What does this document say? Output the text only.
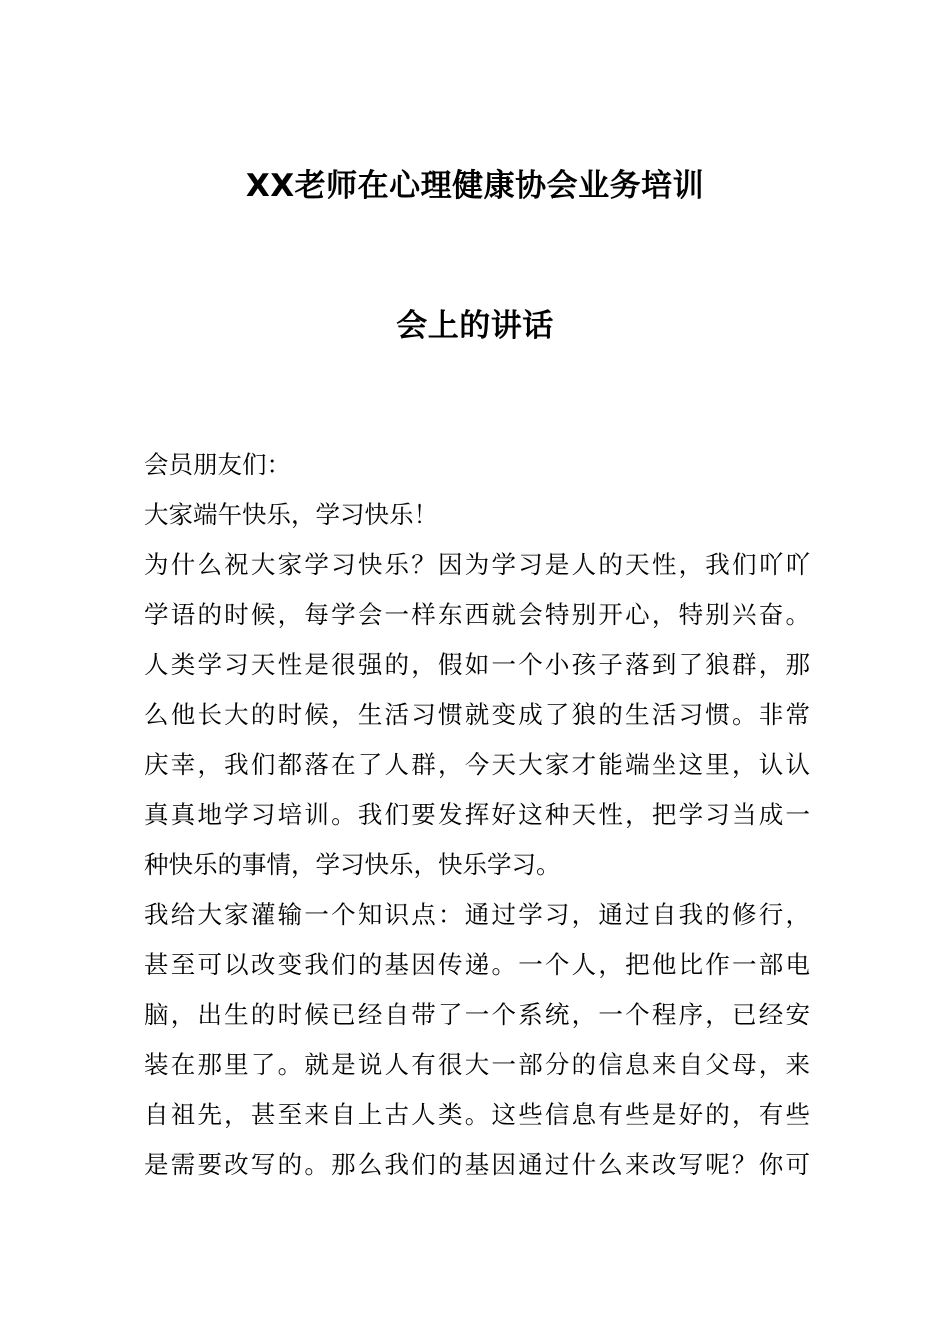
XX老师在心理健康协会业务培训
会上的讲话
会员朋友们：
大家端午快乐，学习快乐！
为什么祝大家学习快乐？因为学习是人的天性，我们吖吖
学语的时候，每学会一样东西就会特别开心，特别兴奋。
人类学习天性是很强的，假如一个小孩子落到了狼群，那
么他长大的时候，生活习惯就变成了狼的生活习惯。非常
庆幸，我们都落在了人群，今天大家才能端坐这里，认认
真真地学习培训。我们要发挥好这种天性，把学习当成一
种快乐的事情，学习快乐，快乐学习。
我给大家灌输一个知识点：通过学习，通过自我的修行，
甚至可以改变我们的基因传递。一个人，把他比作一部电
脑，出生的时候已经自带了一个系统，一个程序，已经安
装在那里了。就是说人有很大一部分的信息来自父母，来
自祖先，甚至来自上古人类。这些信息有些是好的，有些
是需要改写的。那么我们的基因通过什么来改写呢？你可
